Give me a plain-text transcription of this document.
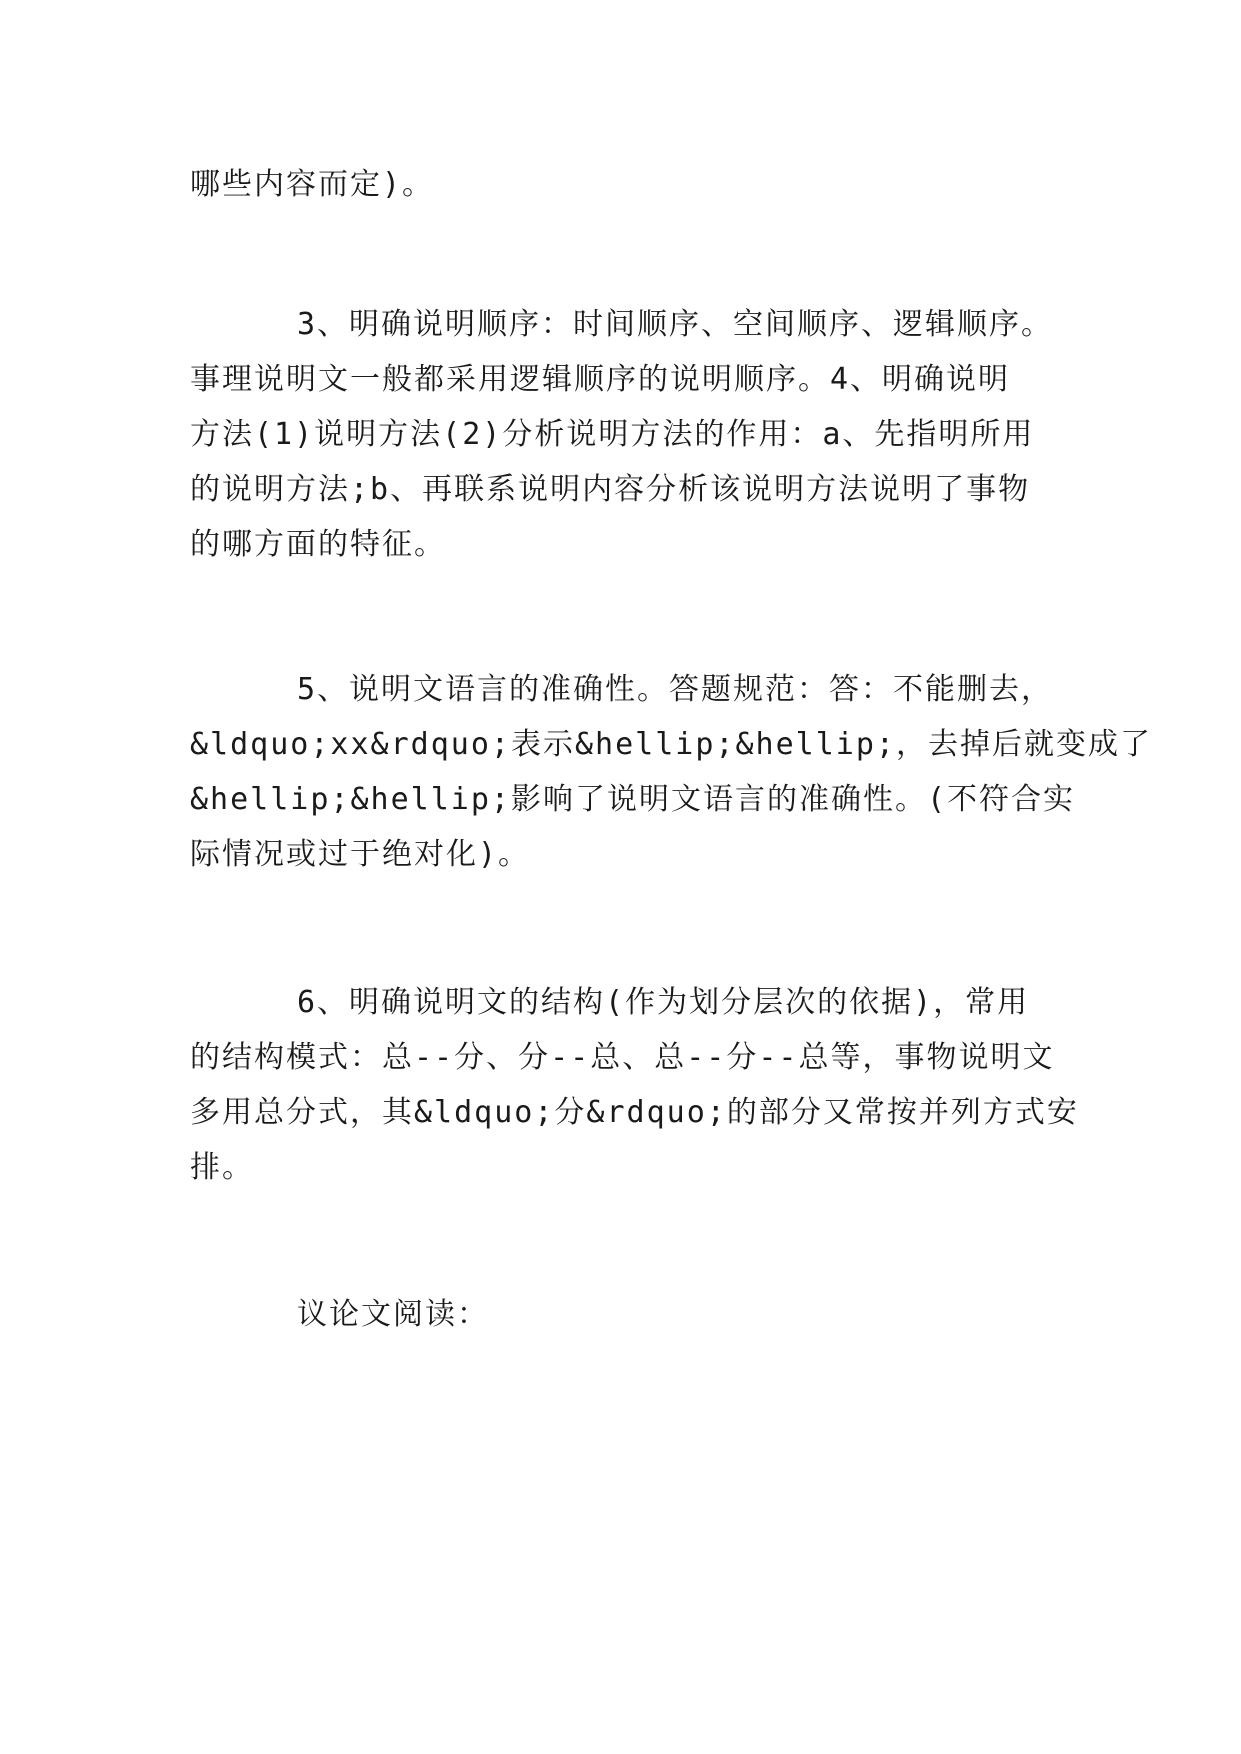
哪些内容而定)。
3、明确说明顺序：时间顺序、空间顺序、逻辑顺序。
事理说明文一般都采用逻辑顺序的说明顺序。4、明确说明
方法(1)说明方法(2)分析说明方法的作用：a、先指明所用
的说明方法;b、再联系说明内容分析该说明方法说明了事物
的哪方面的特征。
5、说明文语言的准确性。答题规范：答：不能删去，
&ldquo;xx&rdquo;表示&hellip;&hellip;，去掉后就变成了
&hellip;&hellip;影响了说明文语言的准确性。(不符合实
际情况或过于绝对化)。
6、明确说明文的结构(作为划分层次的依据)，常用
的结构模式：总--分、分--总、总--分--总等，事物说明文
多用总分式，其&ldquo;分&rdquo;的部分又常按并列方式安
排。
议论文阅读：
